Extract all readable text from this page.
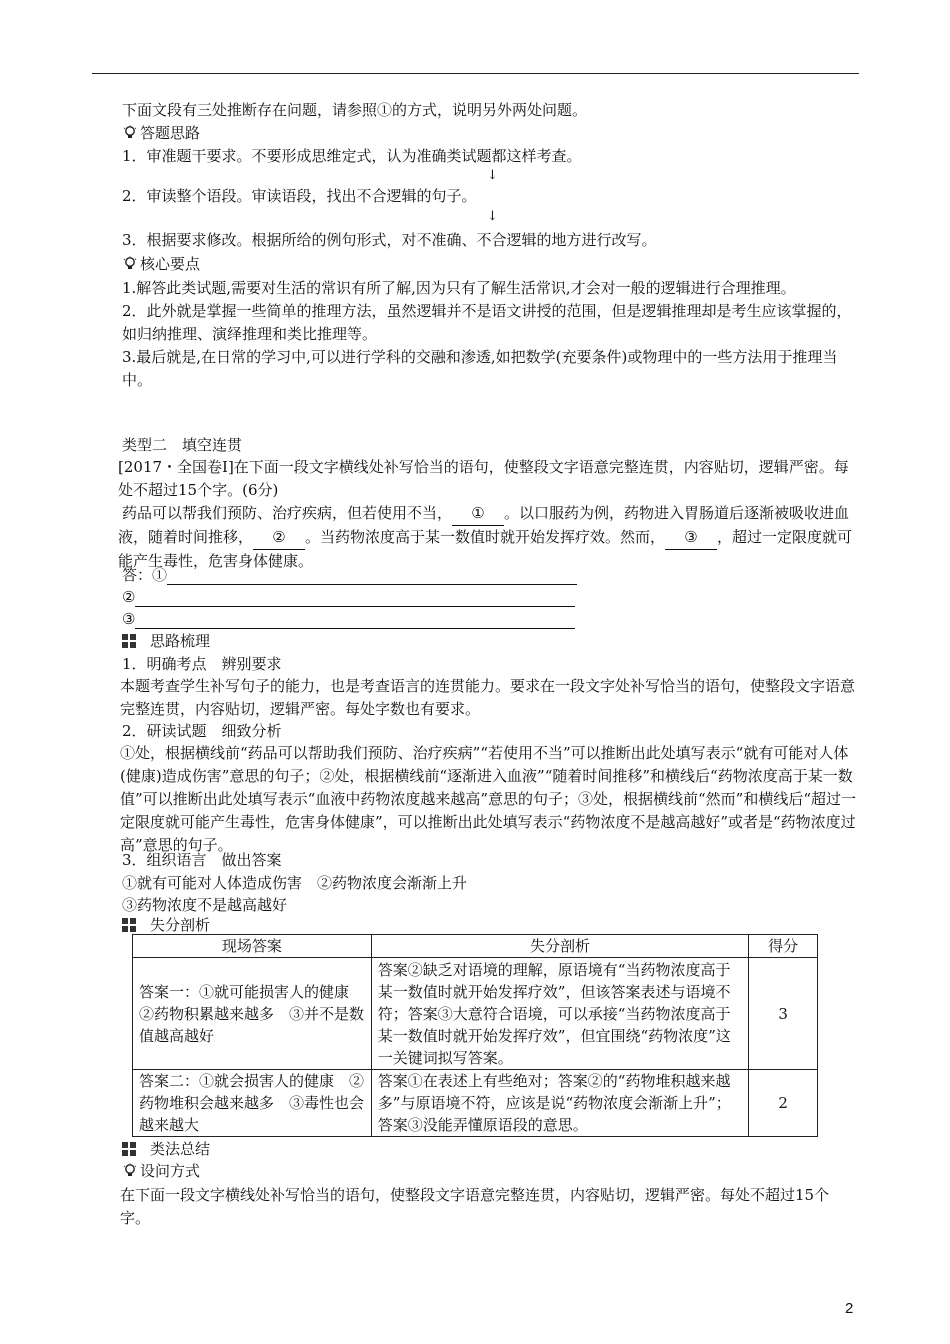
下面文段有三处推断存在问题，请参照①的方式，说明另外两处问题。
答题思路
1．审准题干要求。不要形成思维定式，认为准确类试题都这样考查。
↓
2．审读整个语段。审读语段，找出不合逻辑的句子。
↓
3．根据要求修改。根据所给的例句形式，对不准确、不合逻辑的地方进行改写。
核心要点

1.解答此类试题,需要对生活的常识有所了解,因为只有了解生活常识,才会对一般的逻辑进行合理推理。

2．此外就是掌握一些简单的推理方法，虽然逻辑并不是语文讲授的范围，但是逻辑推理却是考生应该掌握的，如归纳推理、演绎推理和类比推理等。

3.最后就是,在日常的学习中,可以进行学科的交融和渗透,如把数学(充要条件)或物理中的一些方法用于推理当中。

类型二　填空连贯
[2017・全国卷Ⅰ]在下面一段文字横线处补写恰当的语句，使整段文字语意完整连贯，内容贴切，逻辑严密。每处不超过15个字。(6分)
药品可以帮我们预防、治疗疾病，但若使用不当， ① 。以口服药为例，药物进入胃肠道后逐渐被吸收进血液，随着时间推移， ② 。当药物浓度高于某一数值时就开始发挥疗效。然而， ③ ，超过一定限度就可能产生毒性，危害身体健康。
答：①
②
③
思路梳理
1．明确考点　辨别要求
本题考查学生补写句子的能力，也是考查语言的连贯能力。要求在一段文字处补写恰当的语句，使整段文字语意完整连贯，内容贴切，逻辑严密。每处字数也有要求。
2．研读试题　细致分析
①处，根据横线前“药品可以帮助我们预防、治疗疾病”“若使用不当”可以推断出此处填写表示“就有可能对人体(健康)造成伤害”意思的句子；②处，根据横线前“逐渐进入血液”“随着时间推移”和横线后“药物浓度高于某一数值”可以推断出此处填写表示“血液中药物浓度越来越高”意思的句子；③处，根据横线前“然而”和横线后“超过一定限度就可能产生毒性，危害身体健康”，可以推断出此处填写表示“药物浓度不是越高越好”或者是“药物浓度过高”意思的句子。
3．组织语言　做出答案
①就有可能对人体造成伤害　②药物浓度会渐渐上升
③药物浓度不是越高越好
失分剖析
现场答案	失分剖析	得分
答案一：①就可能损害人的健康　②药物积累越来越多　③并不是数值越高越好	答案②缺乏对语境的理解，原语境有“当药物浓度高于某一数值时就开始发挥疗效”，但该答案表述与语境不符；答案③大意符合语境，可以承接“当药物浓度高于某一数值时就开始发挥疗效”，但宜围绕“药物浓度”这一关键词拟写答案。	3
答案二：①就会损害人的健康　②药物堆积会越来越多　③毒性也会越来越大	答案①在表述上有些绝对；答案②的“药物堆积越来越多”与原语境不符，应该是说“药物浓度会渐渐上升”；答案③没能弄懂原语段的意思。	2
类法总结
设问方式
在下面一段文字横线处补写恰当的语句，使整段文字语意完整连贯，内容贴切，逻辑严密。每处不超过15个字。
2
